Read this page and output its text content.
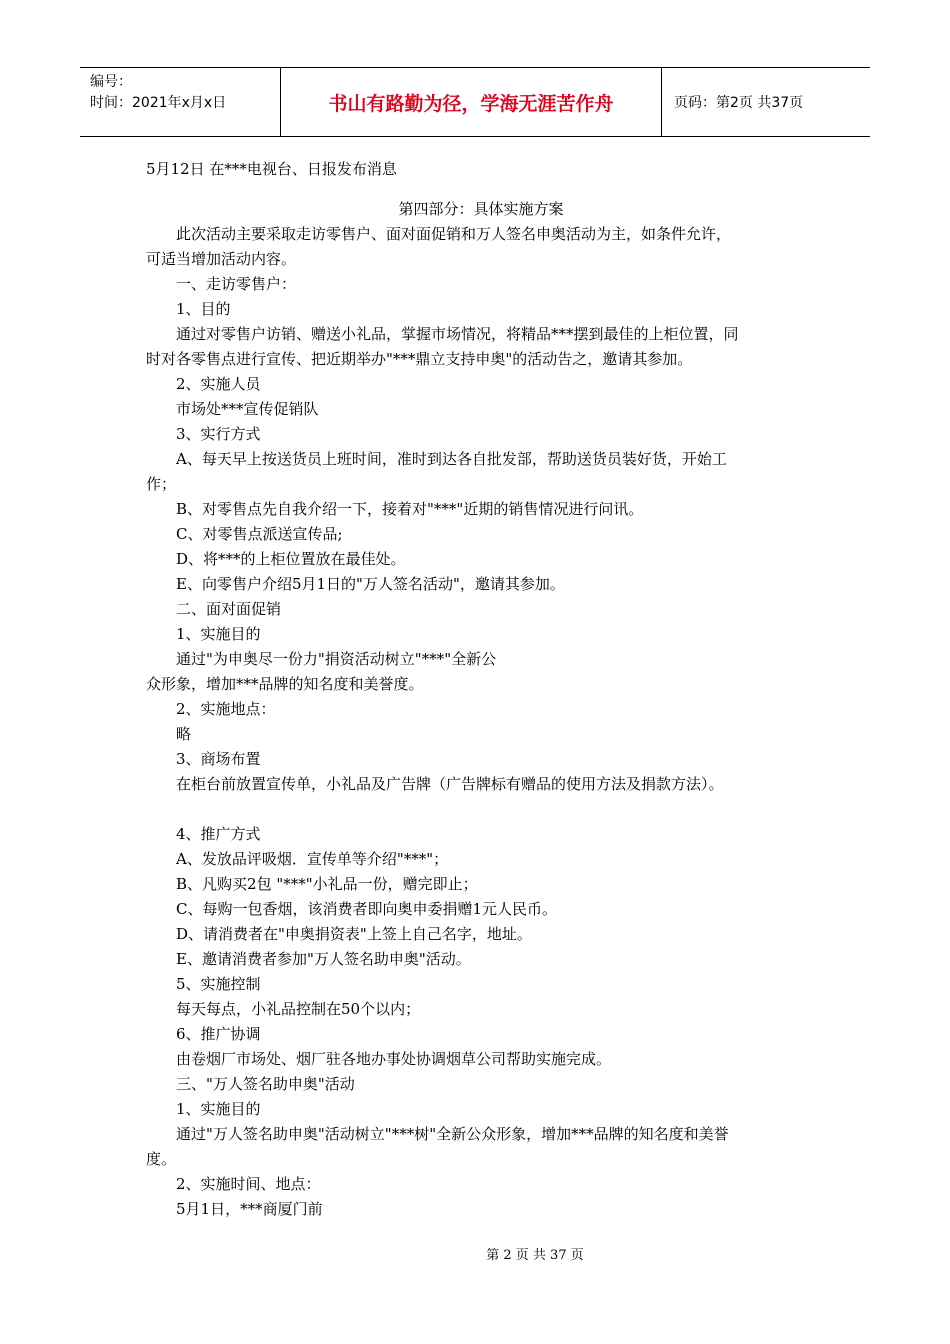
编号：
时间：2021年x月x日	书山有路勤为径，学海无涯苦作舟	页码：第2页 共37页
5月12日 在***电视台、日报发布消息
第四部分：具体实施方案
此次活动主要采取走访零售户、面对面促销和万人签名申奥活动为主，如条件允许，
可适当增加活动内容。
一、走访零售户：
1、目的
通过对零售户访销、赠送小礼品，掌握市场情况，将精品***摆到最佳的上柜位置，同
时对各零售点进行宣传、把近期举办"***鼎立支持申奥"的活动告之，邀请其参加。
2、实施人员
市场处***宣传促销队
3、实行方式
A、每天早上按送货员上班时间，准时到达各自批发部，帮助送货员装好货，开始工
作；
B、对零售点先自我介绍一下，接着对"***"近期的销售情况进行问讯。
C、对零售点派送宣传品;
D、将***的上柜位置放在最佳处。
E、向零售户介绍5月1日的"万人签名活动"，邀请其参加。
二、面对面促销
1、实施目的
通过"为申奥尽一份力"捐资活动树立"***"全新公
众形象，增加***品牌的知名度和美誉度。
2、实施地点：
略
3、商场布置
在柜台前放置宣传单，小礼品及广告牌（广告牌标有赠品的使用方法及捐款方法）。
4、推广方式
A、发放品评吸烟．宣传单等介绍"***"；
B、凡购买2包 "***"小礼品一份，赠完即止；
C、每购一包香烟，该消费者即向奥申委捐赠1元人民币。
D、请消费者在"申奥捐资表"上签上自己名字，地址。
E、邀请消费者参加"万人签名助申奥"活动。
5、实施控制
每天每点，小礼品控制在50个以内；
6、推广协调
由卷烟厂市场处、烟厂驻各地办事处协调烟草公司帮助实施完成。
三、"万人签名助申奥"活动
1、实施目的
通过"万人签名助申奥"活动树立"***树"全新公众形象，增加***品牌的知名度和美誉
度。
2、实施时间、地点：
5月1日，***商厦门前
第 2 页 共 37 页
